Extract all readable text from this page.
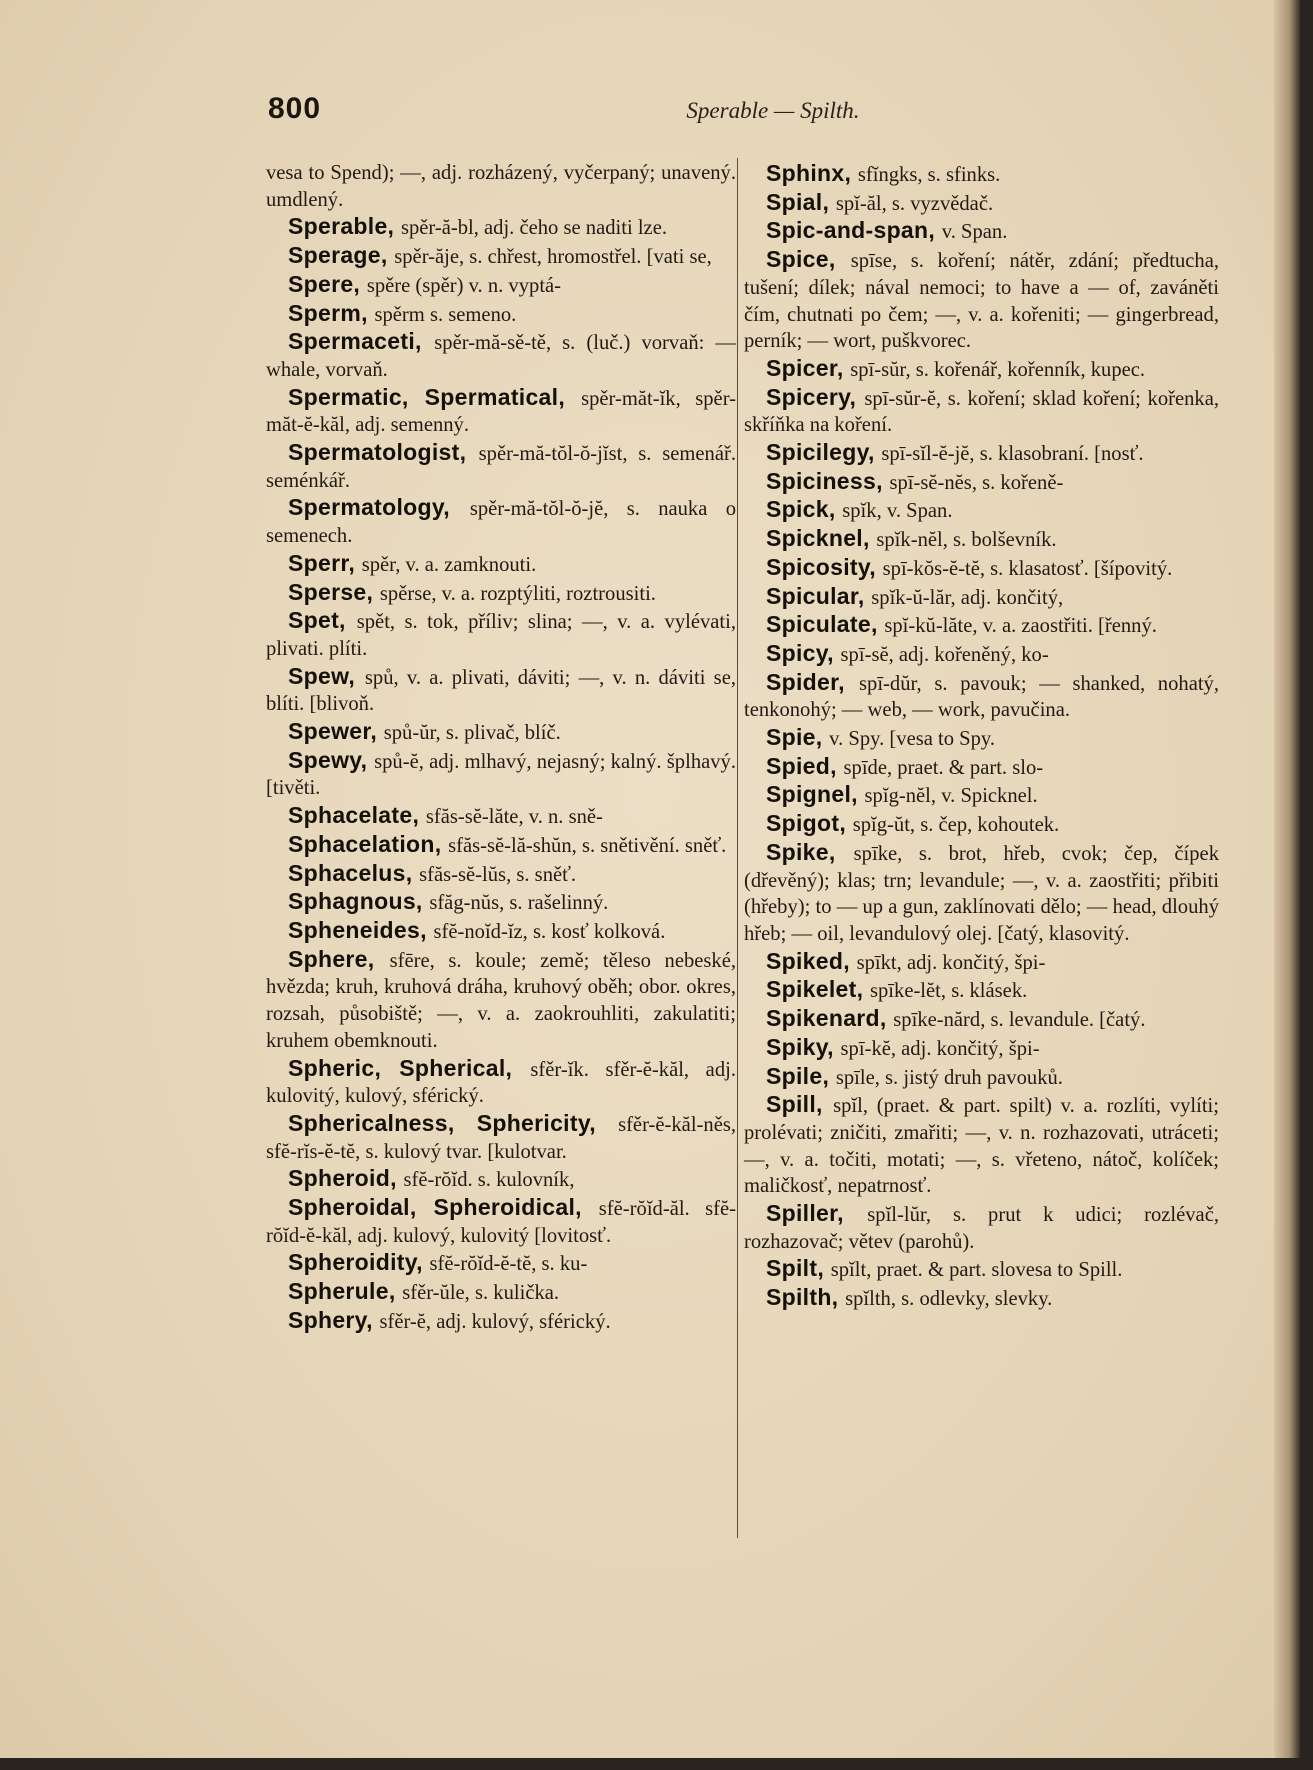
800	Sperable — Spilth.

vesa to Spend); —, adj. rozházený, vyčerpaný; unavený. umdlený.

Sperable, spěr-ă-bl, adj. čeho se naditi lze.

Sperage, spěr-ăje, s. chřest, hromostřel. [vati se,

Spere, spěre (spěr) v. n. vyptá-

Sperm, spěrm s. semeno.

Spermaceti, spěr-mă-sě-tě, s. (luč.) vorvaň: — whale, vorvaň.

Spermatic, Spermatical, spěr-măt-ĭk, spěr-măt-ĕ-kăl, adj. semenný.

Spermatologist, spěr-mă-tŏl-ŏ-jĭst, s. semenář. seménkář.

Spermatology, spěr-mă-tŏl-ŏ-jĕ, s. nauka o semenech.

Sperr, spěr, v. a. zamknouti.

Sperse, spěrse, v. a. rozptýliti, roztrousiti.

Spet, spět, s. tok, příliv; slina; —, v. a. vylévati, plivati. plíti.

Spew, spů, v. a. plivati, dáviti; —, v. n. dáviti se, blíti. [blivoň.

Spewer, spů-ŭr, s. plivač, blíč.

Spewy, spů-ĕ, adj. mlhavý, nejasný; kalný. šplhavý. [tivěti.

Sphacelate, sfăs-sĕ-lăte, v. n. sně-

Sphacelation, sfăs-sĕ-lă-shŭn, s. snětivění. sněť.

Sphacelus, sfăs-sĕ-lŭs, s. sněť.

Sphagnous, sfăg-nŭs, s. rašelinný.

Spheneides, sfĕ-noĭd-ĭz, s. kosť kolková.

Sphere, sfēre, s. koule; země; těleso nebeské, hvězda; kruh, kruhová dráha, kruhový oběh; obor. okres, rozsah, působiště; —, v. a. zaokrouhliti, zakulatiti; kruhem obemknouti.

Spheric, Spherical, sfěr-ĭk. sfěr-ĕ-kăl, adj. kulovitý, kulový, sférický.

Sphericalness, Sphericity, sfěr-ĕ-kăl-něs, sfĕ-rĭs-ĕ-tĕ, s. kulový tvar. [kulotvar.

Spheroid, sfĕ-rŏĭd. s. kulovník,

Spheroidal, Spheroidical, sfĕ-rŏĭd-ăl. sfĕ-rŏĭd-ĕ-kăl, adj. kulový, kulovitý [lovitosť.

Spheroidity, sfĕ-rŏĭd-ĕ-tĕ, s. ku-

Spherule, sfěr-ŭle, s. kulička.

Sphery, sfěr-ĕ, adj. kulový, sférický.

Sphinx, sfĭngks, s. sfinks.

Spial, spĭ-ăl, s. vyzvědač.

Spic-and-span, v. Span.

Spice, spīse, s. koření; nátěr, zdání; předtucha, tušení; dílek; nával nemoci; to have a — of, zaváněti čím, chutnati po čem; —, v. a. kořeniti; — gingerbread, perník; — wort, puškvorec.

Spicer, spī-sŭr, s. kořenář, kořenník, kupec.

Spicery, spī-sŭr-ĕ, s. koření; sklad koření; kořenka, skříňka na koření.

Spicilegy, spī-sĭl-ĕ-jĕ, s. klasobraní. [nosť.

Spiciness, spī-sĕ-nĕs, s. kořeně-

Spick, spĭk, v. Span.

Spicknel, spĭk-nĕl, s. bolševník.

Spicosity, spī-kŏs-ĕ-tĕ, s. klasatosť. [šípovitý.

Spicular, spĭk-ŭ-lăr, adj. končitý,

Spiculate, spĭ-kŭ-lăte, v. a. zaostřiti. [řenný.

Spicy, spī-sĕ, adj. kořeněný, ko-

Spider, spī-dŭr, s. pavouk; — shanked, nohatý, tenkonohý; — web, — work, pavučina.

Spie, v. Spy. [vesa to Spy.

Spied, spīde, praet. & part. slo-

Spignel, spĭg-nĕl, v. Spicknel.

Spigot, spĭg-ŭt, s. čep, kohoutek.

Spike, spīke, s. brot, hřeb, cvok; čep, čípek (dřevěný); klas; trn; levandule; —, v. a. zaostřiti; přibiti (hřeby); to — up a gun, zaklínovati dělo; — head, dlouhý hřeb; — oil, levandulový olej. [čatý, klasovitý.

Spiked, spīkt, adj. končitý, špi-

Spikelet, spīke-lĕt, s. klásek.

Spikenard, spīke-nărd, s. levandule. [čatý.

Spiky, spī-kĕ, adj. končitý, špi-

Spile, spīle, s. jistý druh pavouků.

Spill, spĭl, (praet. & part. spilt) v. a. rozlíti, vylíti; prolévati; zničiti, zmařiti; —, v. n. rozhazovati, utráceti; —, v. a. točiti, motati; —, s. vřeteno, nátoč, kolíček; maličkosť, nepatrnosť.

Spiller, spĭl-lŭr, s. prut k udici; rozlévač, rozhazovač; větev (parohů).

Spilt, spĭlt, praet. & part. slovesa to Spill.

Spilth, spĭlth, s. odlevky, slevky.
